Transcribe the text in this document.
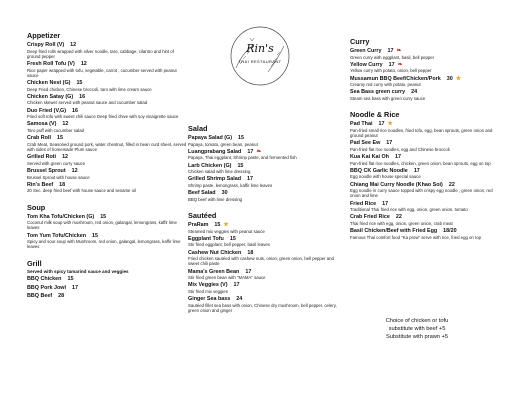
Appetizer
Crispy Roll (V) 12
Deep fried rolls wrapped with silver noodle, taro, cabbage, cilantro and hint of ground pepper
Fresh Roll Tofu (V) 12
Rice paper wrapped with tofu, vegetable, carrot , cucumber served with peanut sauce
Chicken Nest (G) 15
Deep Fried chicken, Chinese broccoli, taro with lime cream sauce
Chicken Satay (G) 16
Chicken skewer served with peanut sauce and cucumber salad
Duo Fried (V,G) 16
Fried soft tofu with sweet chili sauce Deep fried chive with soy vinaigrette sauce
Samosa (V) 12
Taro puff with cucumber salad
Crab Roll 15
Crab Meat, Seasoned ground pork, water chestnut, filled in bean curd sheet, served with sides of homemade Plum sauce
Grilled Roti 12
Served with green curry sauce
Brussel Sprout 12
Brussel Sprout with house sauce
Rin's Beef 18
20 Sec. deep fried beef with house sauce and sesame oil
Soup
Tom Kha Tofu/Chicken (G) 15
Coconut milk soup with mushroom, red onion, galangal, lemongrass, kaffir lime leaves
Tom Yum Tofu/Chicken 15
Spicy and sour soup with Mushroom, red onion, galangal, lemongrass, kaffir lime leaves
Grill
Served with spicy tamarind sauce and veggies
BBQ Chicken 15
BBQ Pork Jowl 17
BBQ Beef 28
Rin's
THAI RESTAURANT
Salad
Papaya Salad (G) 15
Papaya, tomato, green bean, peanut
Luangprabang Salad 17 ❧
Papaya, Thai eggplant, Shrimp paste, and fermented fish
Larb Chicken (G) 15
Chicken salad with lime dressing
Grilled Shrimp Salad 17
Shrimp paste, lemongrass, kaffir lime leaves
Beef Salad 30
BBQ beef with lime dressing
Sautéed
PraRam 15 ★
Steamed mix veggies with peanut sauce
Eggplant Tofu 15
Stir fried eggplant, bell pepper, basil leaves
Cashew Nut Chicken 18
Fried chicken sautéed with cashew nuts, onion, green onion, bell pepper and sweet chili paste
Mama's Green Bean 17
Stir fried green bean with "MAMA" sauce
Mix Veggies (V) 17
Stir fried mix veggies
Ginger Sea bass 24
Sautéed fillet sea bass with onion, Chinese dry mushroom, bell pepper, celery, green onion and ginger
Curry
Green Curry 17 ❧
Green curry with eggplant, basil, bell pepper
Yellow Curry 17 ❧
Yellow curry with potato, onion, bell pepper
Mussamun BBQ Beef/Chicken/Pork 30 ★
Creamy red curry with potato, peanut
Sea Bass green curry 24
Steam sea bass with green curry sauce
Noodle & Rice
Pad Thai 17 ★
Pan-fried small rice noodles, fried tofu, egg, bean sprouts, green onion and ground peanut
Pad See Ew 17
Pan-fried flat rice noodles, egg and Chinese broccoli
Kua Kai Kai Oh 17
Pan-fried flat rice noodles, chicken, green onion, bean sprouts, egg on top
BBQ CK Garlic Noodle 17
Egg noodle with house special sauce
Chiang Mai Curry Noodle (Khao Soi) 22
Egg noodle in curry sauce topped with crispy egg noodle , green onion, red onion and lime
Fried Rice 17
Traditional Thai fried rice with egg, onion, green onion, tomato
Crab Fried Rice 22
Thai fried rice with egg, onion, green onion, crab meat
Basil Chicken/Beef with Fried Egg 18/20
Famous Thai comfort food "Ka prow" serve with rice, fried egg on top
Choice of chicken or tofu
substitute with beef +5
Substitute with prawn +5
